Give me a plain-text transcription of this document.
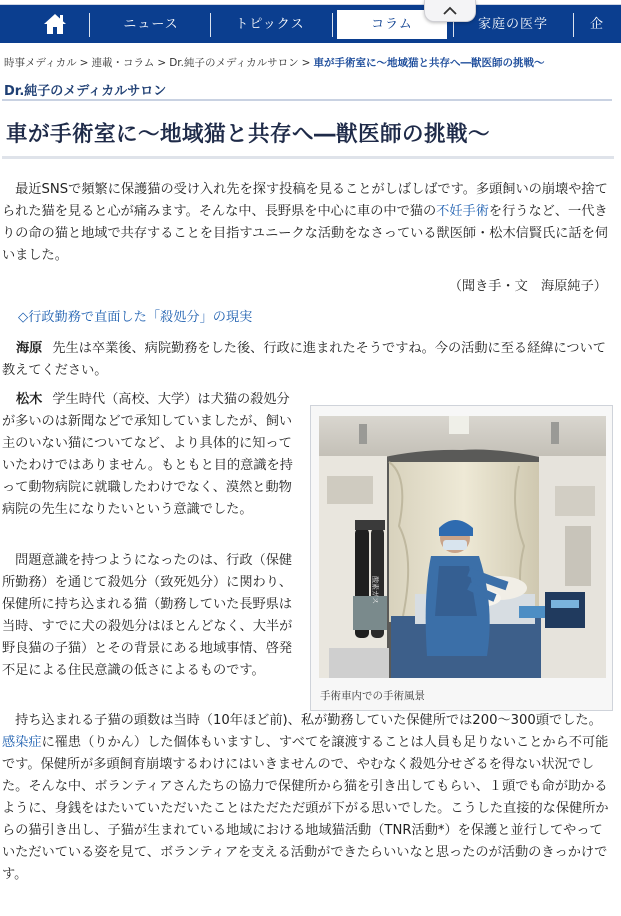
ニュース	トピックス	コラム	家庭の医学	企
時事メディカル > 連載・コラム > Dr.純子のメディカルサロン > 車が手術室に～地域猫と共存へ―獣医師の挑戦～
Dr.純子のメディカルサロン
車が手術室に～地域猫と共存へ―獣医師の挑戦～

　最近SNSで頻繁に保護猫の受け入れ先を探す投稿を見ることがしばしばです。多頭飼いの崩壊や捨てられた猫を見ると心が痛みます。そんな中、長野県を中心に車の中で猫の不妊手術を行うなど、一代きりの命の猫と地域で共存することを目指すユニークな活動をなさっている獣医師・松木信賢氏に話を伺いました。

（聞き手・文　海原純子）
◇行政勤務で直面した「殺処分」の現実

海原 先生は卒業後、病院勤務をした後、行政に進まれたそうですね。今の活動に至る経緯について教えてください。

松木 学生時代（高校、大学）は犬猫の殺処分が多いのは新聞などで承知していましたが、飼い主のいない猫についてなど、より具体的に知っていたわけではありません。もともと目的意識を持って動物病院に就職したわけでなく、漠然と動物病院の先生になりたいという意識でした。

　問題意識を持つようになったのは、行政（保健所勤務）を通じて殺処分（致死処分）に関わり、保健所に持ち込まれる猫（勤務していた長野県は当時、すでに犬の殺処分はほとんどなく、大半が野良猫の子猫）とその背景にある地域事情、啓発不足による住民意識の低さによるものです。

酸素ガス
手術車内での手術風景

　持ち込まれる子猫の頭数は当時（10年ほど前)、私が勤務していた保健所では200～300頭でした。感染症に罹患（りかん）した個体もいますし、すべてを譲渡することは人員も足りないことから不可能です。保健所が多頭飼育崩壊するわけにはいきませんので、やむなく殺処分せざるを得ない状況でした。そんな中、ボランティアさんたちの協力で保健所から猫を引き出してもらい、１頭でも命が助かるように、身銭をはたいていただいたことはただただ頭が下がる思いでした。こうした直接的な保健所からの猫引き出し、子猫が生まれている地域における地域猫活動（TNR活動*）を保護と並行してやっていただいている姿を見て、ボランティアを支える活動ができたらいいなと思ったのが活動のきっかけです。
